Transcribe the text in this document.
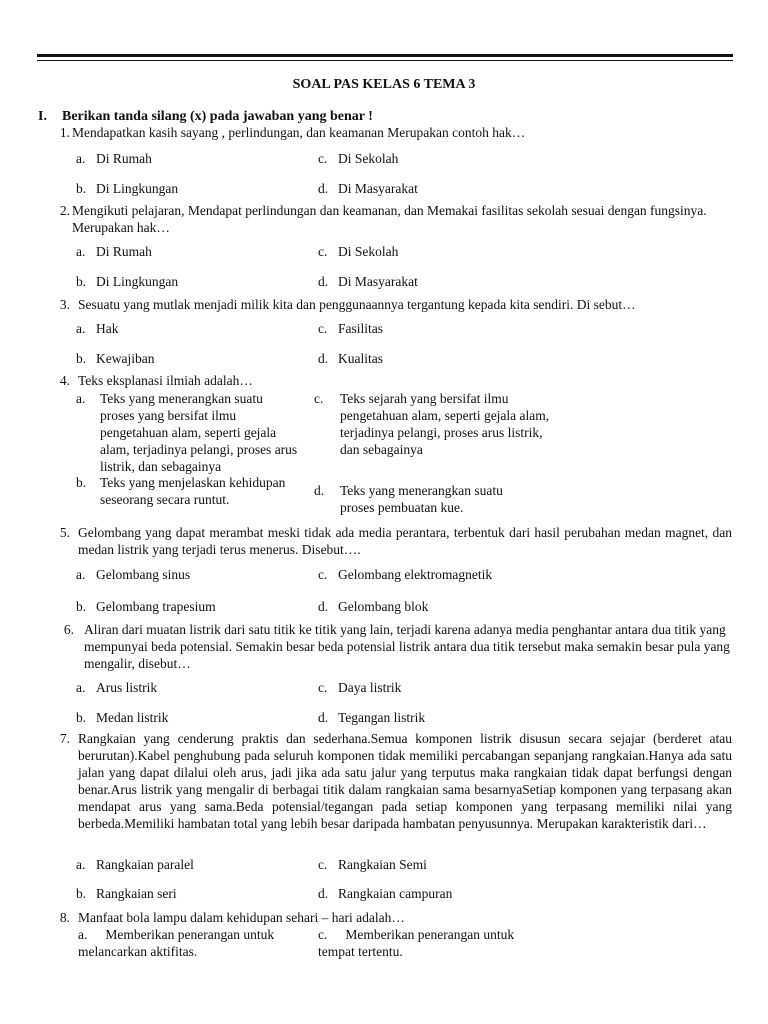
SOAL PAS KELAS 6 TEMA 3
I. Berikan tanda silang (x) pada jawaban yang benar !
1. Mendapatkan kasih sayang , perlindungan, dan keamanan Merupakan contoh hak…
a. Di Rumah
b. Di Lingkungan
c. Di Sekolah
d. Di Masyarakat
2. Mengikuti pelajaran, Mendapat perlindungan dan keamanan, dan Memakai fasilitas sekolah sesuai dengan fungsinya. Merupakan hak…
a. Di Rumah
b. Di Lingkungan
c. Di Sekolah
d. Di Masyarakat
3. Sesuatu yang mutlak menjadi milik kita dan penggunaannya tergantung kepada kita sendiri. Di sebut…
a. Hak
b. Kewajiban
c. Fasilitas
d. Kualitas
4. Teks eksplanasi ilmiah adalah…
a. Teks yang menerangkan suatu proses yang bersifat ilmu pengetahuan alam, seperti gejala alam, terjadinya pelangi, proses arus listrik, dan sebagainya
b. Teks yang menjelaskan kehidupan seseorang secara runtut.
c. Teks sejarah yang bersifat ilmu pengetahuan alam, seperti gejala alam, terjadinya pelangi, proses arus listrik, dan sebagainya
d. Teks yang menerangkan suatu proses pembuatan kue.
5. Gelombang yang dapat merambat meski tidak ada media perantara, terbentuk dari hasil perubahan medan magnet, dan medan listrik yang terjadi terus menerus. Disebut….
a. Gelombang sinus
b. Gelombang trapesium
c. Gelombang elektromagnetik
d. Gelombang blok
6. Aliran dari muatan listrik dari satu titik ke titik yang lain, terjadi karena adanya media penghantar antara dua titik yang mempunyai beda potensial. Semakin besar beda potensial listrik antara dua titik tersebut maka semakin besar pula yang mengalir, disebut…
a. Arus listrik
b. Medan listrik
c. Daya listrik
d. Tegangan listrik
7. Rangkaian yang cenderung praktis dan sederhana.Semua komponen listrik disusun secara sejajar (berderet atau berurutan).Kabel penghubung pada seluruh komponen tidak memiliki percabangan sepanjang rangkaian.Hanya ada satu jalan yang dapat dilalui oleh arus, jadi jika ada satu jalur yang terputus maka rangkaian tidak dapat berfungsi dengan benar.Arus listrik yang mengalir di berbagai titik dalam rangkaian sama besarnyaSetiap komponen yang terpasang akan mendapat arus yang sama.Beda potensial/tegangan pada setiap komponen yang terpasang memiliki nilai yang berbeda.Memiliki hambatan total yang lebih besar daripada hambatan penyusunnya. Merupakan karakteristik dari…
a. Rangkaian paralel
b. Rangkaian seri
c. Rangkaian Semi
d. Rangkaian campuran
8. Manfaat bola lampu dalam kehidupan sehari – hari adalah…
a. Memberikan penerangan untuk melancarkan aktifitas.
c. Memberikan penerangan untuk tempat tertentu.
